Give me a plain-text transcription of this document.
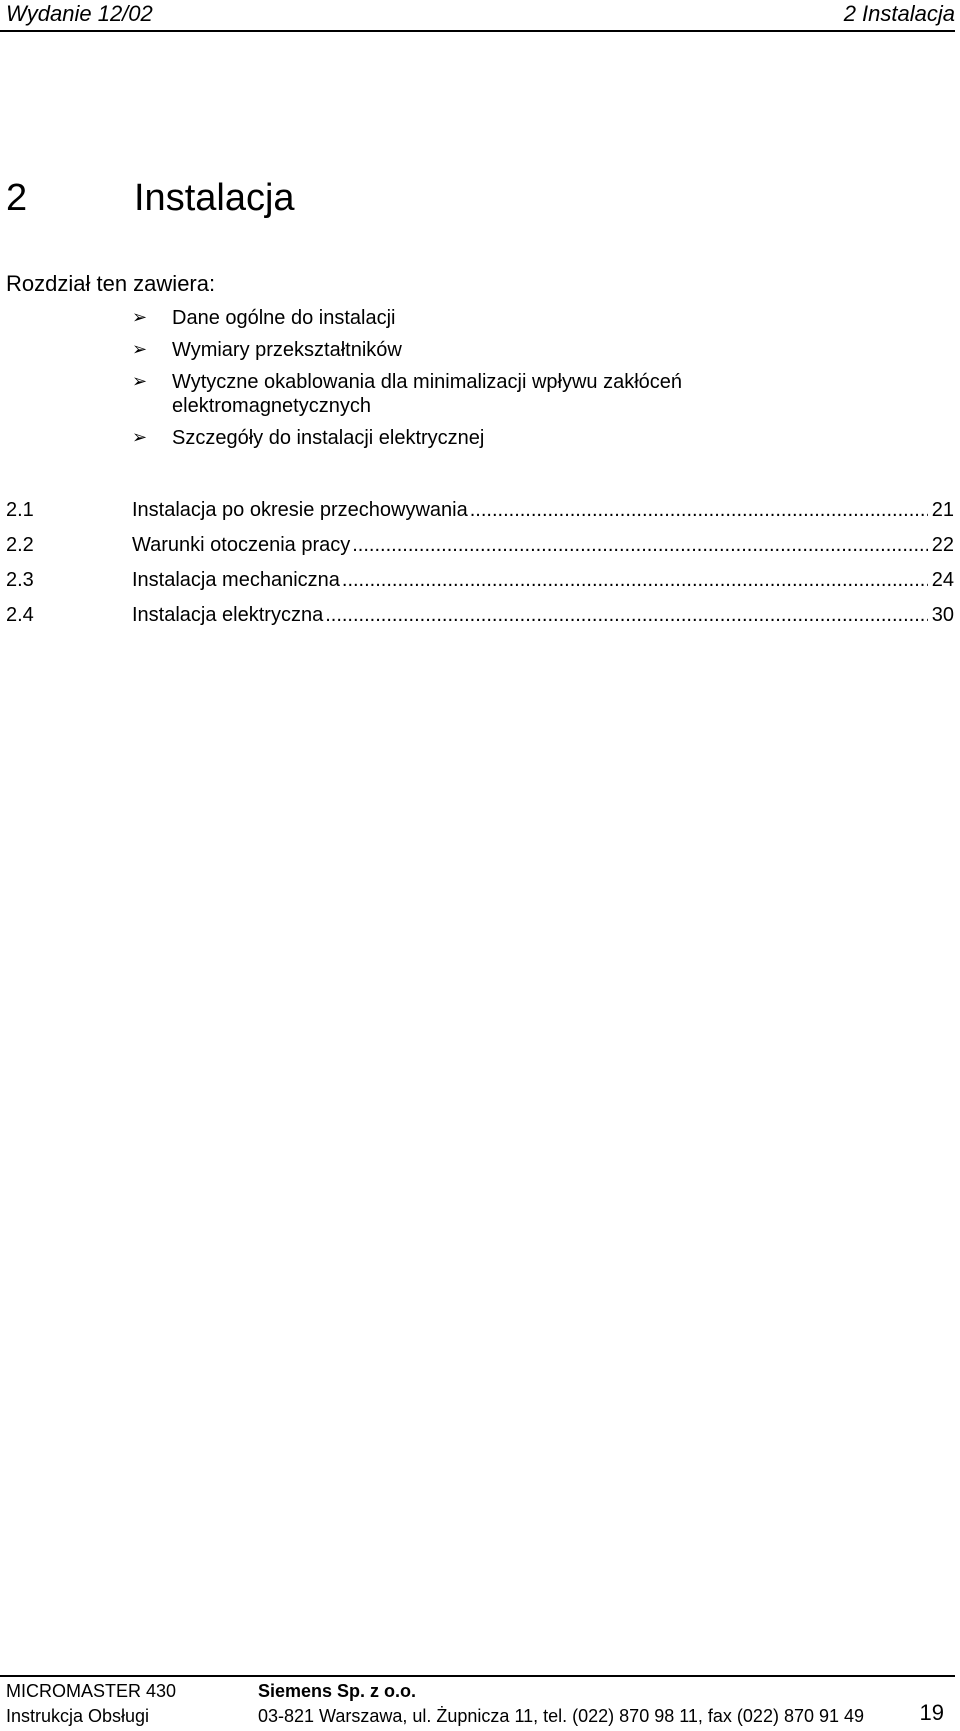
Wydanie 12/02	2 Instalacja
2	Instalacja
Rozdział ten zawiera:
➢ Dane ogólne do instalacji
➢ Wymiary przekształtników
➢ Wytyczne okablowania dla minimalizacji wpływu zakłóceń elektromagnetycznych
➢ Szczegóły do instalacji elektrycznej
2.1	Instalacja po okresie przechowywania .....	21
2.2	Warunki otoczenia pracy .....	22
2.3	Instalacja mechaniczna .....	24
2.4	Instalacja elektryczna .....	30
MICROMASTER 430
Instrukcja Obsługi
Siemens Sp. z o.o.
03-821 Warszawa, ul. Żupnicza 11, tel. (022) 870 98 11, fax (022) 870 91 49	19
